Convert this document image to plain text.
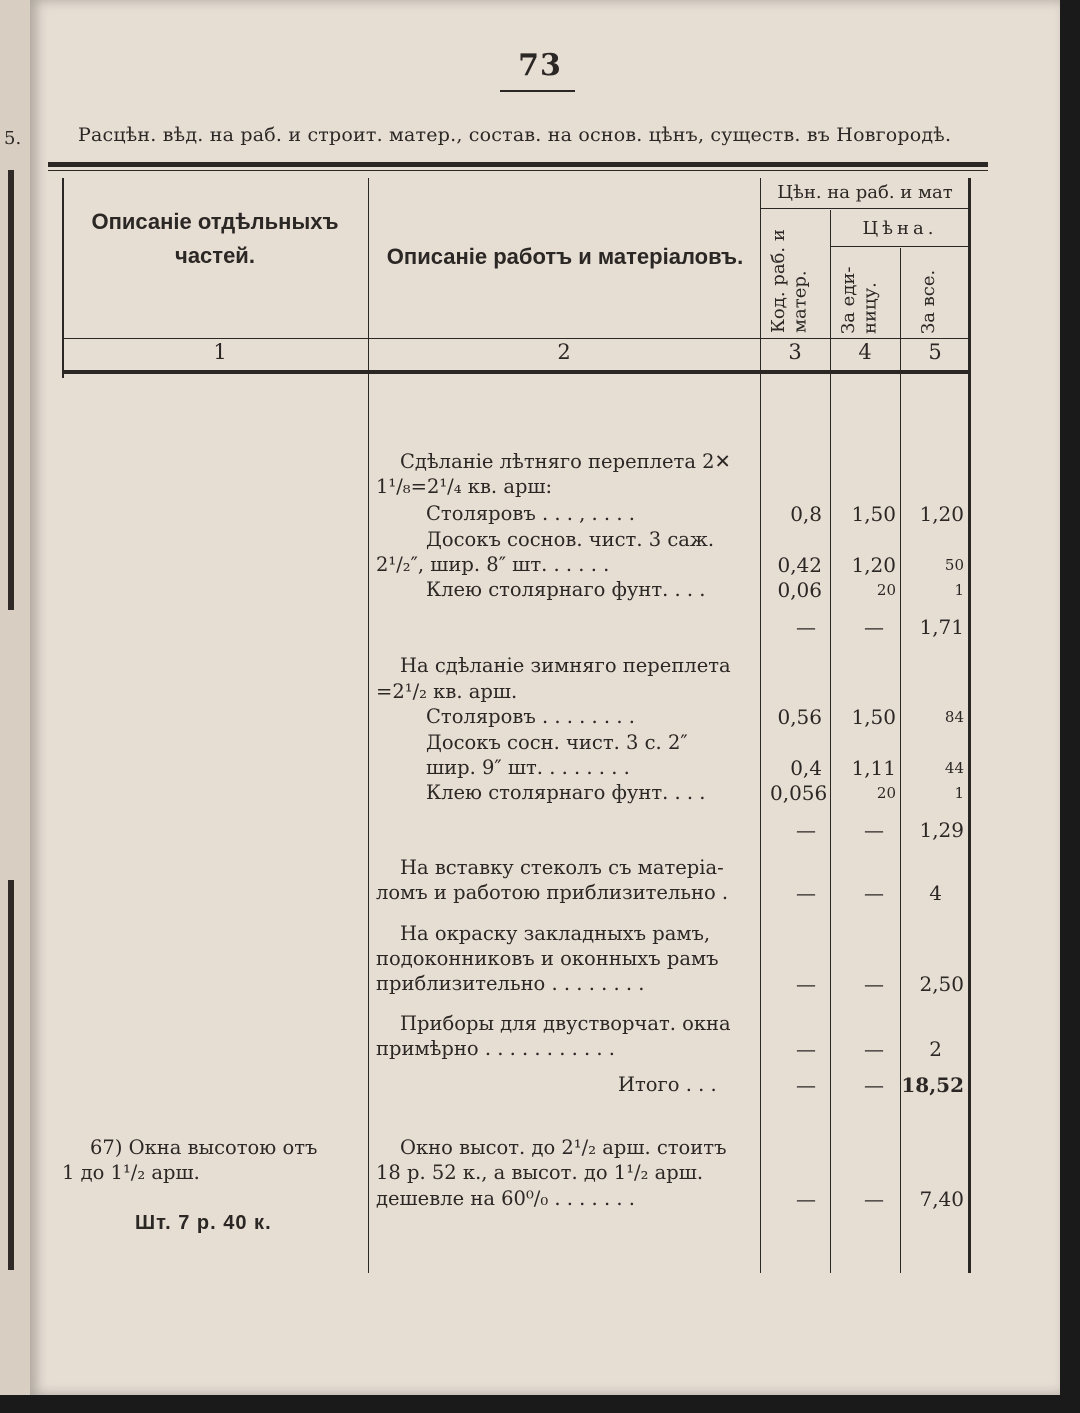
5.
73
Расцѣн. вѣд. на раб. и строит. матер., состав. на основ. цѣнъ, существ. въ Новгородѣ.
Описаніе отдѣльныхъ частей.	Описаніе работъ и матеріаловъ.
Цѣн. на раб. и мат
Цѣна.
Код. раб. и матер.	За еди- ницу.	За все.
1	2	3	4	5
Сдѣланіе лѣтняго переплета 2✕
1¹/₈=2¹/₄ кв. арш:
Столяровъ . . . , . . . .	0,8	1,50	1,20
Досокъ соснов. чист. 3 саж.
2¹/₂″, шир. 8″ шт. . . . . .	0,42	1,20	50
Клею столярнаго фунт. . . .	0,06	20	1
—	—	1,71
На сдѣланіе зимняго переплета
=2¹/₂ кв. арш.
Столяровъ . . . . . . . .	0,56	1,50	84
Досокъ сосн. чист. 3 с. 2″
шир. 9″ шт. . . . . . . .	0,4	1,11	44
Клею столярнаго фунт. . . .	0,056	20	1
—	—	1,29
На вставку стеколъ съ матеріа-
ломъ и работою приблизительно .	—	—	4
На окраску закладныхъ рамъ,
подоконниковъ и оконныхъ рамъ
приблизительно . . . . . . . .	—	—	2,50
Приборы для двустворчат. окна
примѣрно . . . . . . . . . . .	—	—	2
Итого . . .	—	— 18,52
67) Окна высотою отъ
1 до 1¹/₂ арш.
Шт. 7 р. 40 к.
Окно высот. до 2¹/₂ арш. стоитъ
18 р. 52 к., а высот. до 1¹/₂ арш.
дешевле на 60⁰/₀ . . . . . . .	—	—	7,40
